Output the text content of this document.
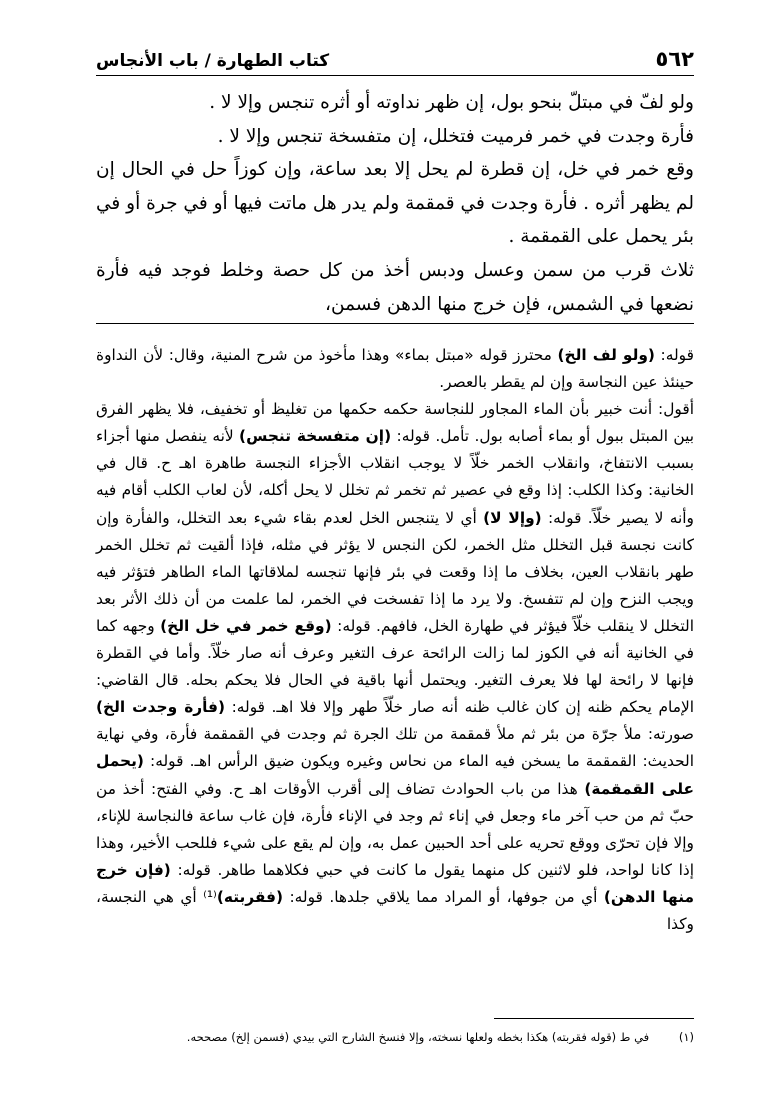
٥٦٢
كتاب الطهارة / باب الأنجاس

ولو لفّ في مبتلّ بنحو بول، إن ظهر نداوته أو أثره تنجس وإلا لا .

فأرة وجدت في خمر فرميت فتخلل، إن متفسخة تنجس وإلا لا .

وقع خمر في خل، إن قطرة لم يحل إلا بعد ساعة، وإن كوزاً حل في الحال إن لم يظهر أثره . فأرة وجدت في قمقمة ولم يدر هل ماتت فيها أو في جرة أو في بئر يحمل على القمقمة .

ثلاث قرب من سمن وعسل ودبس أخذ من كل حصة وخلط فوجد فيه فأرة نضعها في الشمس، فإن خرج منها الدهن فسمن،

قوله: (ولو لف الخ) محترز قوله «مبتل بماء» وهذا مأخوذ من شرح المنية، وقال: لأن النداوة حينئذ عين النجاسة وإن لم يقطر بالعصر.

أقول: أنت خبير بأن الماء المجاور للنجاسة حكمه حكمها من تغليظ أو تخفيف، فلا يظهر الفرق بين المبتل ببول أو بماء أصابه بول. تأمل. قوله: (إن متفسخة تنجس) لأنه ينفصل منها أجزاء بسبب الانتفاخ، وانقلاب الخمر خلّاً لا يوجب انقلاب الأجزاء النجسة طاهرة اهـ ح. قال في الخانية: وكذا الكلب: إذا وقع في عصير ثم تخمر ثم تخلل لا يحل أكله، لأن لعاب الكلب أقام فيه وأنه لا يصير خلّاً. قوله: (وإلا لا) أي لا يتنجس الخل لعدم بقاء شيء بعد التخلل، والفأرة وإن كانت نجسة قبل التخلل مثل الخمر، لكن النجس لا يؤثر في مثله، فإذا ألقيت ثم تخلل الخمر طهر بانقلاب العين، بخلاف ما إذا وقعت في بئر فإنها تنجسه لملاقاتها الماء الطاهر فتؤثر فيه ويجب النزح وإن لم تتفسخ. ولا يرد ما إذا تفسخت في الخمر، لما علمت من أن ذلك الأثر بعد التخلل لا ينقلب خلّاً فيؤثر في طهارة الخل، فافهم. قوله: (وقع خمر في خل الخ) وجهه كما في الخانية أنه في الكوز لما زالت الرائحة عرف التغير وعرف أنه صار خلّاً. وأما في القطرة فإنها لا رائحة لها فلا يعرف التغير. ويحتمل أنها باقية في الحال فلا يحكم بحله. قال القاضي: الإمام يحكم ظنه إن كان غالب ظنه أنه صار خلّاً طهر وإلا فلا اهـ. قوله: (فأرة وجدت الخ) صورته: ملأ جرّة من بئر ثم ملأ قمقمة من تلك الجرة ثم وجدت في القمقمة فأرة، وفي نهاية الحديث: القمقمة ما يسخن فيه الماء من نحاس وغيره ويكون ضيق الرأس اهـ. قوله: (يحمل على القمقمة) هذا من باب الحوادث تضاف إلى أقرب الأوقات اهـ ح. وفي الفتح: أخذ من حبّ ثم من حب آخر ماء وجعل في إناء ثم وجد في الإناء فأرة، فإن غاب ساعة فالنجاسة للإناء، وإلا فإن تحرّى ووقع تحريه على أحد الحبين عمل به، وإن لم يقع على شيء فللحب الأخير، وهذا إذا كانا لواحد، فلو لاثنين كل منهما يقول ما كانت في حبي فكلاهما طاهر. قوله: (فإن خرج منها الدهن) أي من جوفها، أو المراد مما يلاقي جلدها. قوله: (فقربته)⁽¹⁾ أي هي النجسة، وكذا

(١) في ط (قوله فقربته) هكذا بخطه ولعلها نسخته، وإلا فنسخ الشارح التي بيدي (فسمن إلخ) مصححه.
